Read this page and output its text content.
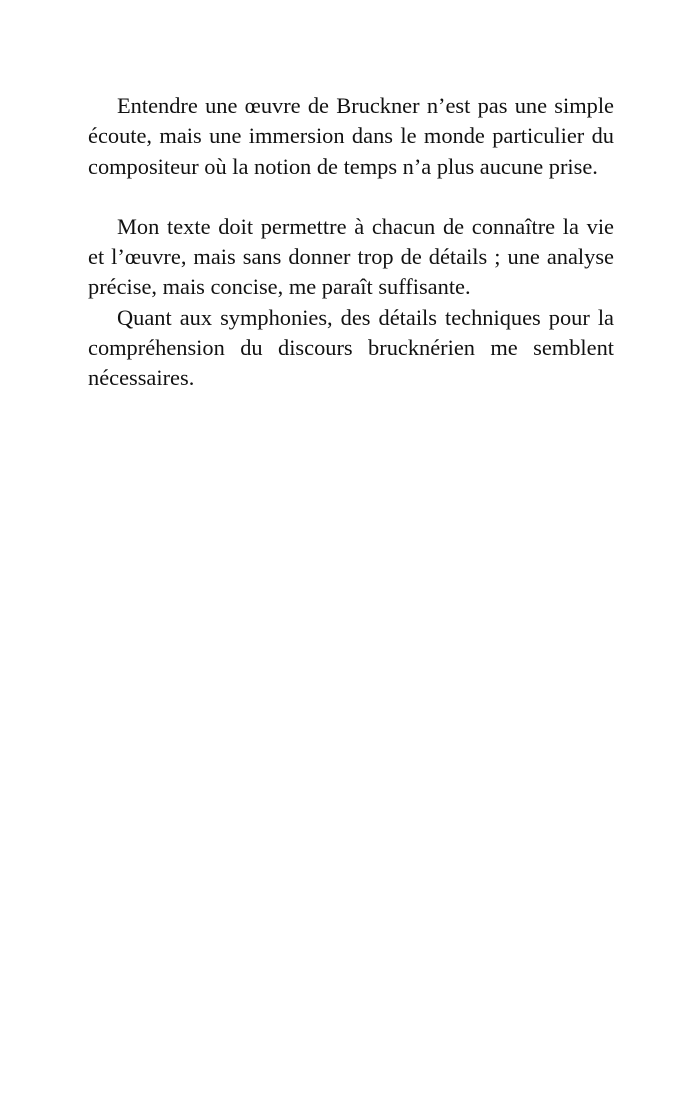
Entendre une œuvre de Bruckner n’est pas une simple écoute, mais une immersion dans le monde particulier du compositeur où la notion de temps n’a plus aucune prise.

Mon texte doit permettre à chacun de connaître la vie et l’œuvre, mais sans donner trop de détails ; une analyse précise, mais concise, me paraît suffisante.

Quant aux symphonies, des détails techniques pour la compréhension du discours brucknérien me semblent nécessaires.
